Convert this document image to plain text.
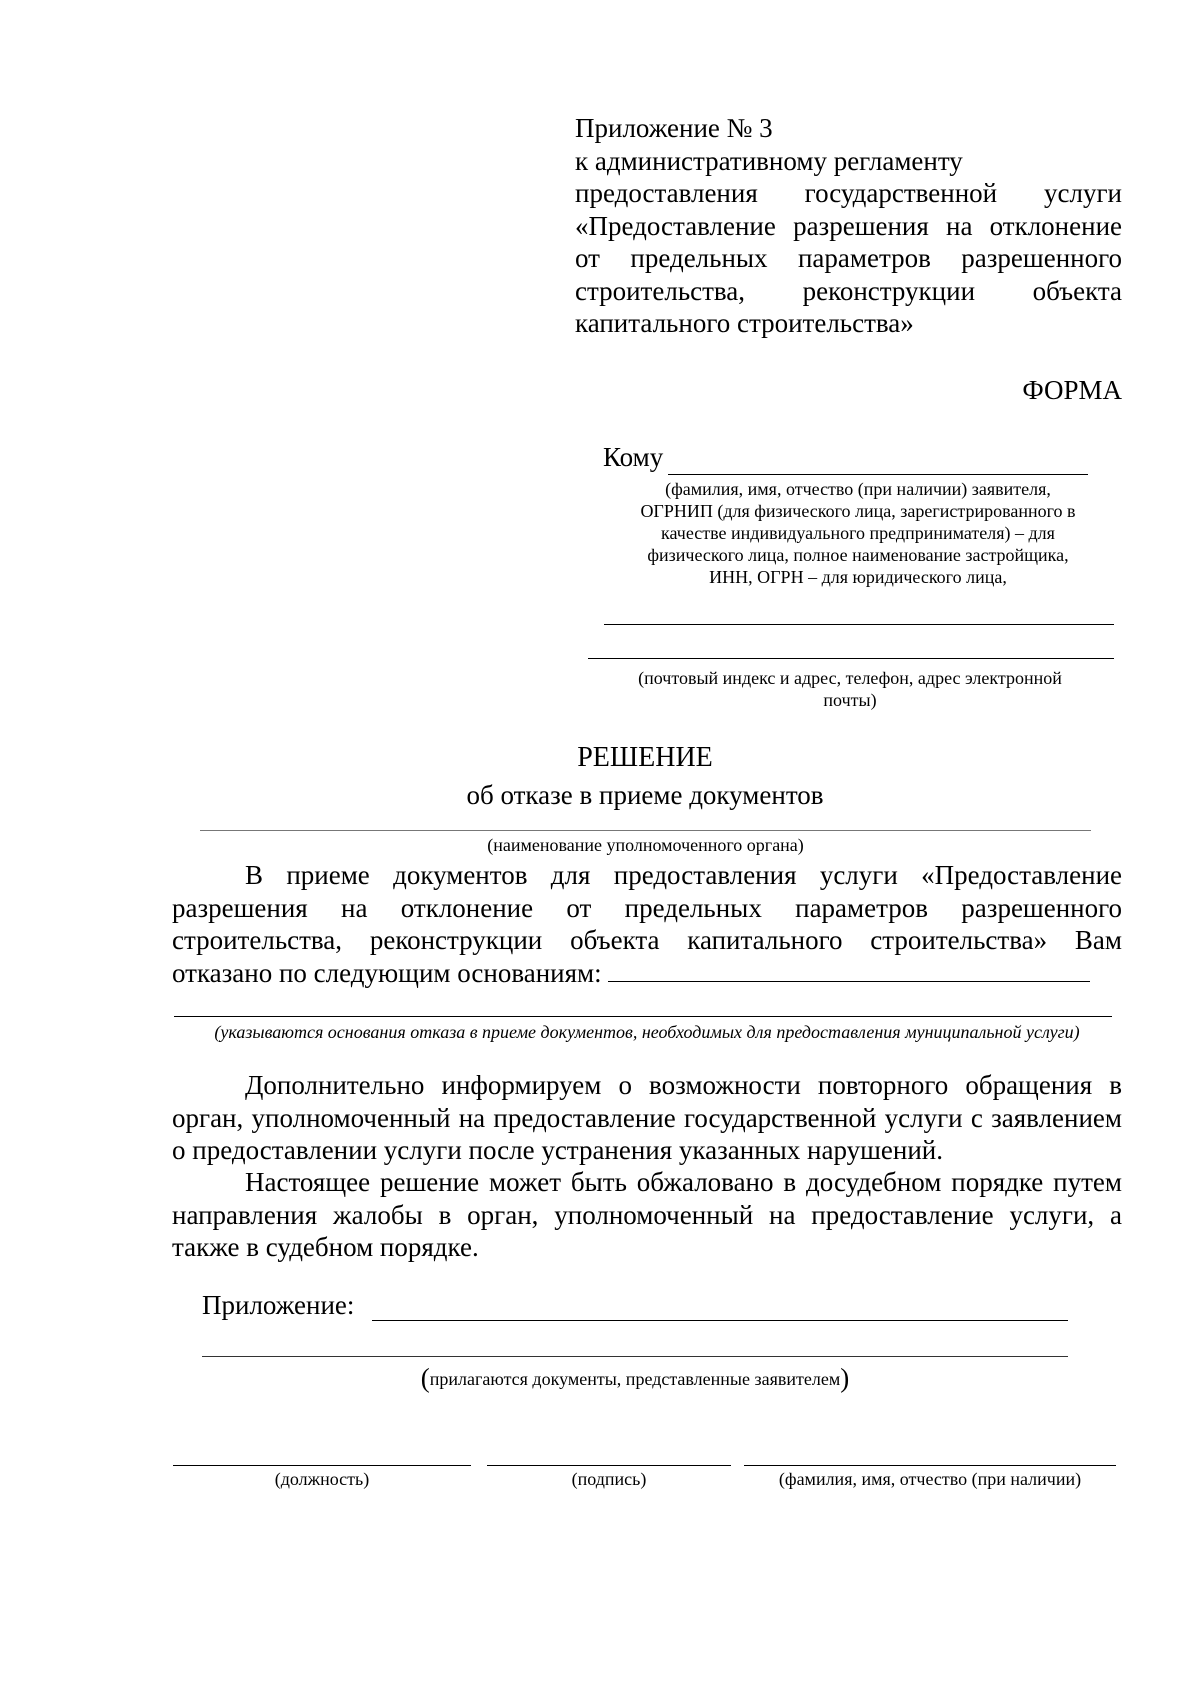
Приложение № 3
к административному регламенту
предоставления государственной услуги
«Предоставление разрешения на отклонение
от предельных параметров разрешенного
строительства, реконструкции объекта
капитального строительства»
ФОРМА
Кому
(фамилия, имя, отчество (при наличии) заявителя,
ОГРНИП (для физического лица, зарегистрированного в
качестве индивидуального предпринимателя) – для
физического лица, полное наименование застройщика,
ИНН, ОГРН – для юридического лица,
(почтовый индекс и адрес, телефон, адрес электронной
почты)
РЕШЕНИЕ
об отказе в приеме документов
(наименование уполномоченного органа)
В приеме документов для предоставления услуги «Предоставление разрешения на отклонение от предельных параметров разрешенного строительства, реконструкции объекта капитального строительства» Вам отказано по следующим основаниям:
(указываются основания отказа в приеме документов, необходимых для предоставления муниципальной услуги)
Дополнительно информируем о возможности повторного обращения в орган, уполномоченный на предоставление государственной услуги с заявлением о предоставлении услуги после устранения указанных нарушений.
Настоящее решение может быть обжаловано в досудебном порядке путем направления жалобы в орган, уполномоченный на предоставление услуги, а также в судебном порядке.
Приложение:
(прилагаются документы, представленные заявителем)
(должность)	(подпись)	(фамилия, имя, отчество (при наличии)
